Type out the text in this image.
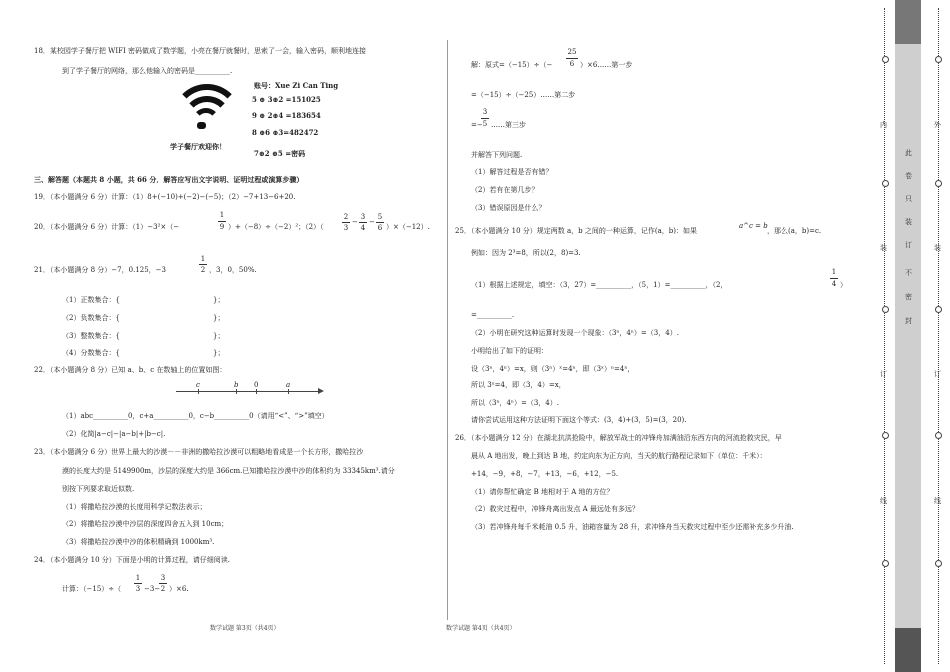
18．某校园学子餐厅把 WIFI 密码做成了数学题，小亮在餐厅就餐时，思索了一会，输入密码，顺利地连接
到了学子餐厅的网络，那么他输入的密码是__________.
账号：Xue Zi Can Ting
5 ⊕ 3⊕2 =151025
9 ⊕ 2⊕4 =183654
8 ⊕6 ⊕3=482472
学子餐厅欢迎你！
7⊕2 ⊕5 =密码
三、解答题（本题共 8 小题，共 66 分．解答应写出文字说明、证明过程或演算步骤）
19．（本小题满分 6 分）计算：（1）8+(−10)+(−2)−(−5)；（2）−7+13−6+20.
20．（本小题满分 6 分）计算：（1）−3²×（−
1
9 ）+（−8）÷（−2）²；（2）（
2
3
−
3
4
−
5
6 ）×（−12）.
21．（本小题满分 8 分）−7，0.125，−3
1
2 ，3，0，50%.
（1）正数集合：{	}；
（2）负数集合：{	}；
（3）整数集合：{	}；
（4）分数集合：{	}；
22．（本小题满分 8 分）已知 a、b、c 在数轴上的位置如图：
c	b 0	a
（1）abc__________0，c+a__________0，c−b__________0（请用“<”、“>”填空）
（2）化简|a−c|−|a−b|+|b−c|.
23．（本小题满分 6 分）世界上最大的沙漠－－非洲的撒哈拉沙漠可以粗略地看成是一个长方形，撒哈拉沙
漠的长度大约是 5149900m，沙层的深度大约是 366cm.已知撒哈拉沙漠中沙的体积约为 33345km³.请分
别按下列要求取近似数.
（1）将撒哈拉沙漠的长度用科学记数法表示；
（2）将撒哈拉沙漠中沙层的深度四舍五入到 10cm；
（3）将撒哈拉沙漠中沙的体积精确到 1000km³.
24．（本小题满分 10 分）下面是小明的计算过程，请仔细阅读.
计算：（−15）÷（
1
3 −3−
3
2 ）×6.
数学试题 第3页（共4页）
解：原式=（−15）÷（−
25
6 ）×6……第一步
=（−15）÷（−25）……第二步
=−
3
5 ……第三步
并解答下列问题.
（1）解答过程是否有错？
（2）若有在第几步？
（3）错误原因是什么？
25．（本小题满分 10 分）规定两数 a，b 之间的一种运算，记作(a，b)：如果
a^c = b
，那么(a，b)=c.
例如：因为 2³=8，所以(2，8)=3.
（1）根据上述规定，填空：（3，27）=__________，（5，1）=__________，（2，
1
4 ）
=__________.
（2）小明在研究这种运算时发现一个现象：（3ⁿ，4ⁿ）=（3，4）.
小明给出了如下的证明：
设（3ⁿ，4ⁿ）=x，则（3ⁿ）ˣ=4ⁿ，即（3ˣ）ⁿ=4ⁿ，
所以 3ˣ=4，即（3，4）=x，
所以（3ⁿ，4ⁿ）=（3，4）.
请你尝试运用这种方法证明下面这个等式：(3，4)+(3，5)=(3，20).
26．（本小题满分 12 分）在湖北抗洪抢险中，解放军战士的冲锋舟加满油沿东西方向的河流抢救灾民，早
晨从 A 地出发，晚上到达 B 地，约定向东为正方向，当天的航行路程记录如下（单位：千米）：
+14，−9，+8，−7，+13，−6，+12，−5.
（1）请你帮忙确定 B 地相对于 A 地的方位？
（2）救灾过程中，冲锋舟离出发点 A 最远处有多远？
（3）若冲锋舟每千米耗油 0.5 升，油箱容量为 28 升，求冲锋舟当天救灾过程中至少还需补充多少升油.
数学试题 第4页（共4页）
内
装
订
线
外
装
订
线
此
卷
只
装
订
不
密
封
